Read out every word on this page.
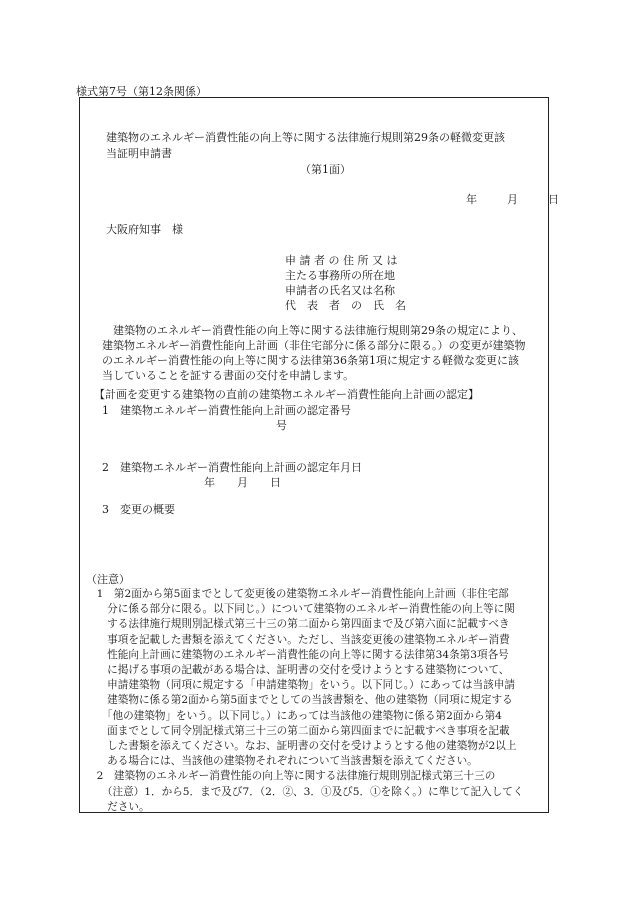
様式第7号（第12条関係）
建築物のエネルギー消費性能の向上等に関する法律施行規則第29条の軽微変更該
当証明申請書
（第1面）
年	月	日
大阪府知事　様
申 請 者 の 住 所 又 は
主たる事務所の所在地
申請者の氏名又は名称
代　表　者　の　氏　名
　建築物のエネルギー消費性能の向上等に関する法律施行規則第29条の規定により、
建築物エネルギー消費性能向上計画（非住宅部分に係る部分に限る。）の変更が建築物
のエネルギー消費性能の向上等に関する法律第36条第1項に規定する軽微な変更に該
当していることを証する書面の交付を申請します。
【計画を変更する建築物の直前の建築物エネルギー消費性能向上計画の認定】
1　建築物エネルギー消費性能向上計画の認定番号
号
2　建築物エネルギー消費性能向上計画の認定年月日
年　　月　　日
3　変更の概要
（注意）
　1　第2面から第5面までとして変更後の建築物エネルギー消費性能向上計画（非住宅部
　　分に係る部分に限る。以下同じ。）について建築物のエネルギー消費性能の向上等に関
　　する法律施行規則別記様式第三十三の第二面から第四面まで及び第六面に記載すべき
　　事項を記載した書類を添えてください。ただし、当該変更後の建築物エネルギー消費
　　性能向上計画に建築物のエネルギー消費性能の向上等に関する法律第34条第3項各号
　　に掲げる事項の記載がある場合は、証明書の交付を受けようとする建築物について、
　　申請建築物（同項に規定する「申請建築物」をいう。以下同じ。）にあっては当該申請
　　建築物に係る第2面から第5面までとしての当該書類を、他の建築物（同項に規定する
　　「他の建築物」をいう。以下同じ。）にあっては当該他の建築物に係る第2面から第4
　　面までとして同令別記様式第三十三の第二面から第四面までに記載すべき事項を記載
　　した書類を添えてください。なお、証明書の交付を受けようとする他の建築物が2以上
　　ある場合には、当該他の建築物それぞれについて当該書類を添えてください。
　2　建築物のエネルギー消費性能の向上等に関する法律施行規則別記様式第三十三の
　　（注意）1．から5．まで及び7．（2．②、3．①及び5．①を除く。）に準じて記入してく
　　ださい。
